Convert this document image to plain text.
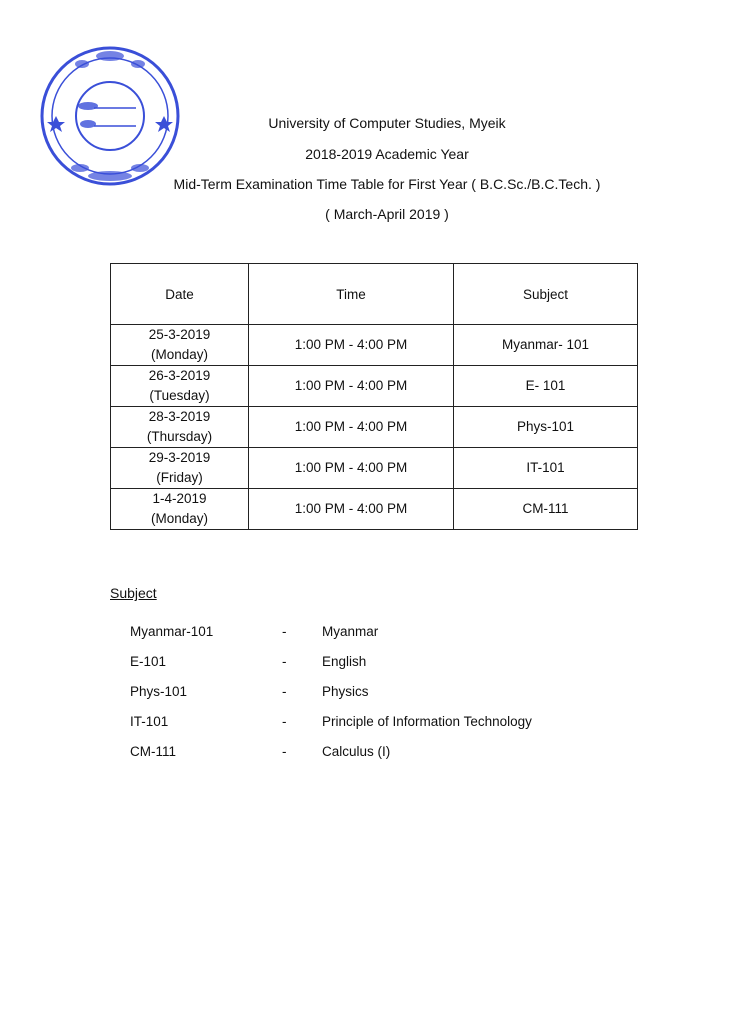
University of Computer Studies, Myeik
2018-2019 Academic Year
Mid-Term Examination Time Table for First Year ( B.C.Sc./B.C.Tech. )
( March-April 2019 )
Date	Time	Subject
25-3-2019
(Monday)	1:00 PM - 4:00 PM	Myanmar- 101
26-3-2019
(Tuesday)	1:00 PM - 4:00 PM	E- 101
28-3-2019
(Thursday)	1:00 PM - 4:00 PM	Phys-101
29-3-2019
(Friday)	1:00 PM - 4:00 PM	IT-101
1-4-2019
(Monday)	1:00 PM - 4:00 PM	CM-111
Subject
Myanmar-101	-	Myanmar
E-101	-	English
Phys-101	-	Physics
IT-101	-	Principle of Information Technology
CM-111	-	Calculus (I)
